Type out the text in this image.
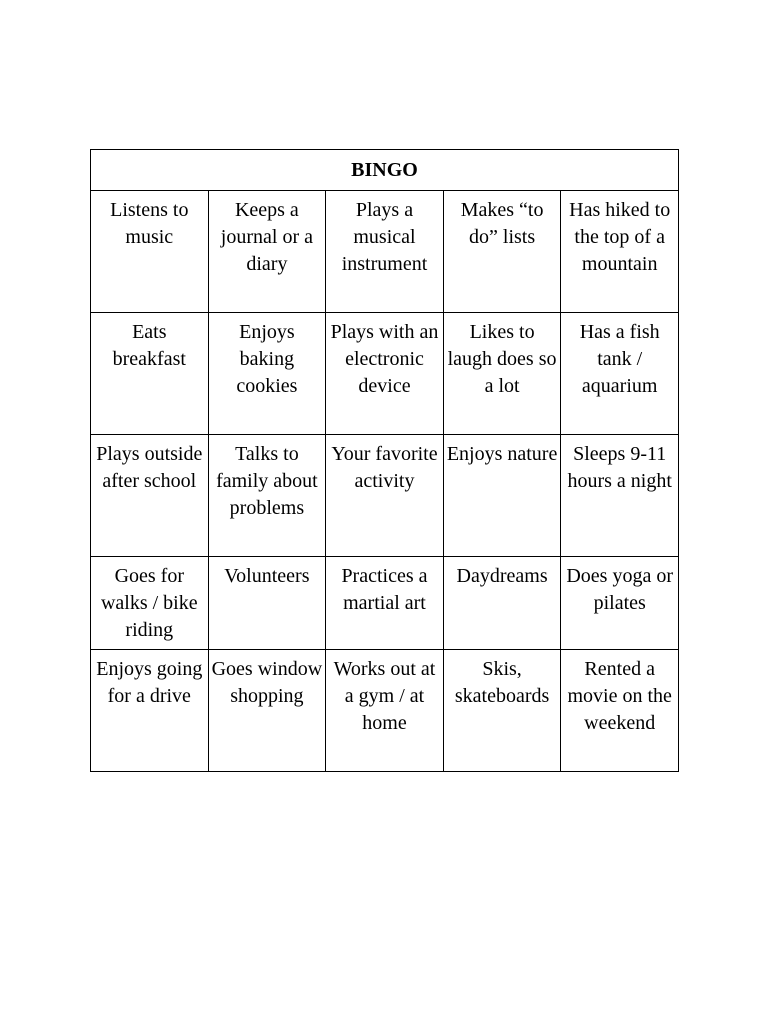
BINGO				
Listens to music	Keeps a journal or a diary	Plays a musical instrument	Makes “to do” lists	Has hiked to the top of a mountain
Eats breakfast	Enjoys baking cookies	Plays with an electronic device	Likes to laugh does so a lot	Has a fish tank / aquarium
Plays outside after school	Talks to family about problems	Your favorite activity	Enjoys nature	Sleeps 9-11 hours a night
Goes for walks / bike riding	Volunteers	Practices a martial art	Daydreams	Does yoga or pilates
Enjoys going for a drive	Goes window shopping	Works out at a gym / at home	Skis, skateboards	Rented a movie on the weekend
